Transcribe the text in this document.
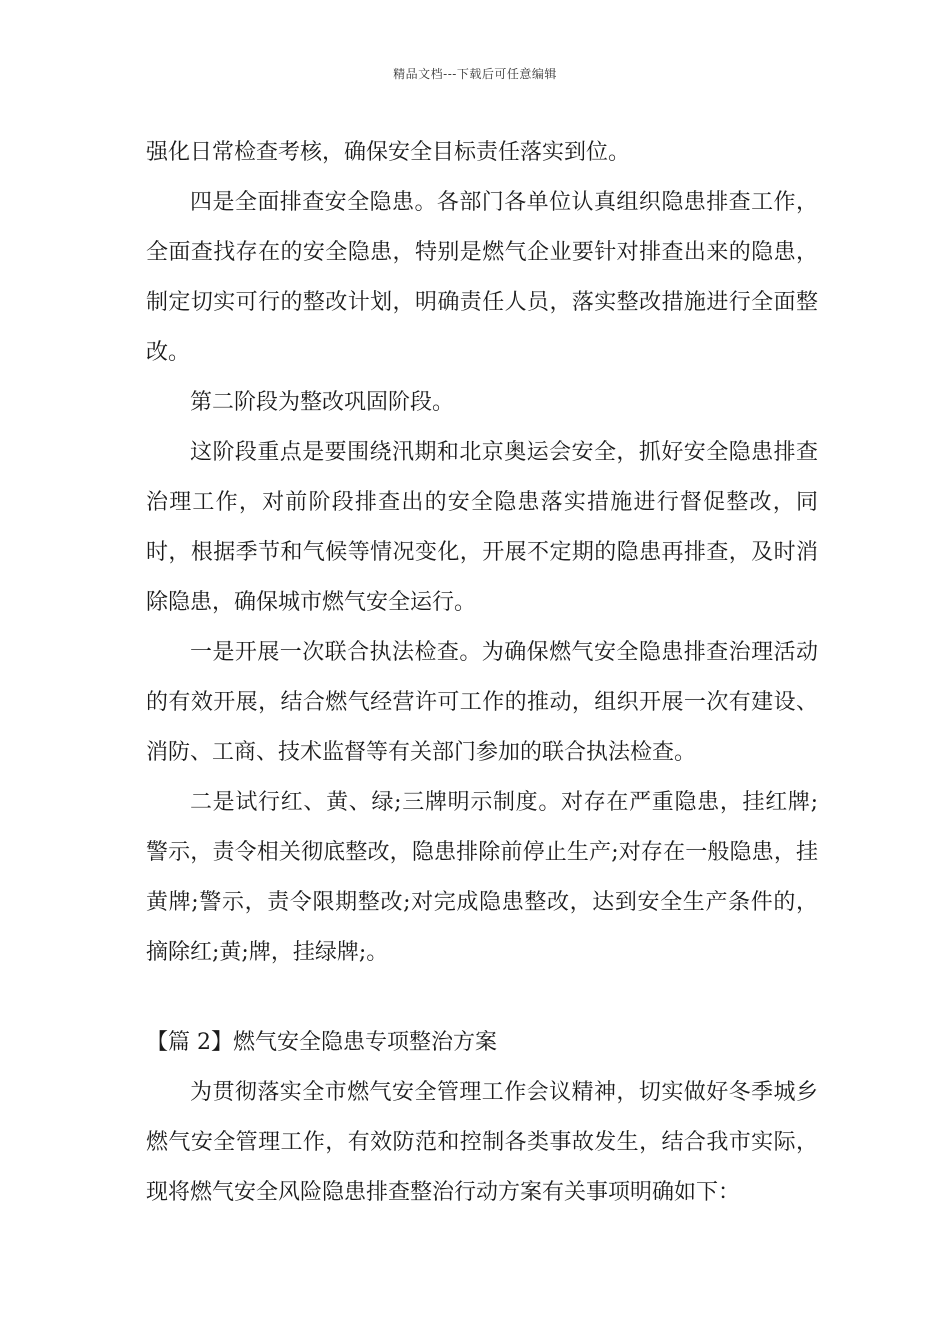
精品文档---下载后可任意编辑

强化日常检查考核，确保安全目标责任落实到位。

四是全面排查安全隐患。各部门各单位认真组织隐患排查工作，全面查找存在的安全隐患，特别是燃气企业要针对排查出来的隐患，制定切实可行的整改计划，明确责任人员，落实整改措施进行全面整改。

第二阶段为整改巩固阶段。

这阶段重点是要围绕汛期和北京奥运会安全，抓好安全隐患排查治理工作，对前阶段排查出的安全隐患落实措施进行督促整改，同时，根据季节和气候等情况变化，开展不定期的隐患再排查，及时消除隐患，确保城市燃气安全运行。

一是开展一次联合执法检查。为确保燃气安全隐患排查治理活动的有效开展，结合燃气经营许可工作的推动，组织开展一次有建设、消防、工商、技术监督等有关部门参加的联合执法检查。

二是试行红、黄、绿;三牌明示制度。对存在严重隐患，挂红牌;警示，责令相关彻底整改，隐患排除前停止生产;对存在一般隐患，挂黄牌;警示，责令限期整改;对完成隐患整改，达到安全生产条件的，摘除红;黄;牌，挂绿牌;。

【篇 2】燃气安全隐患专项整治方案

为贯彻落实全市燃气安全管理工作会议精神，切实做好冬季城乡燃气安全管理工作，有效防范和控制各类事故发生，结合我市实际，现将燃气安全风险隐患排查整治行动方案有关事项明确如下：
